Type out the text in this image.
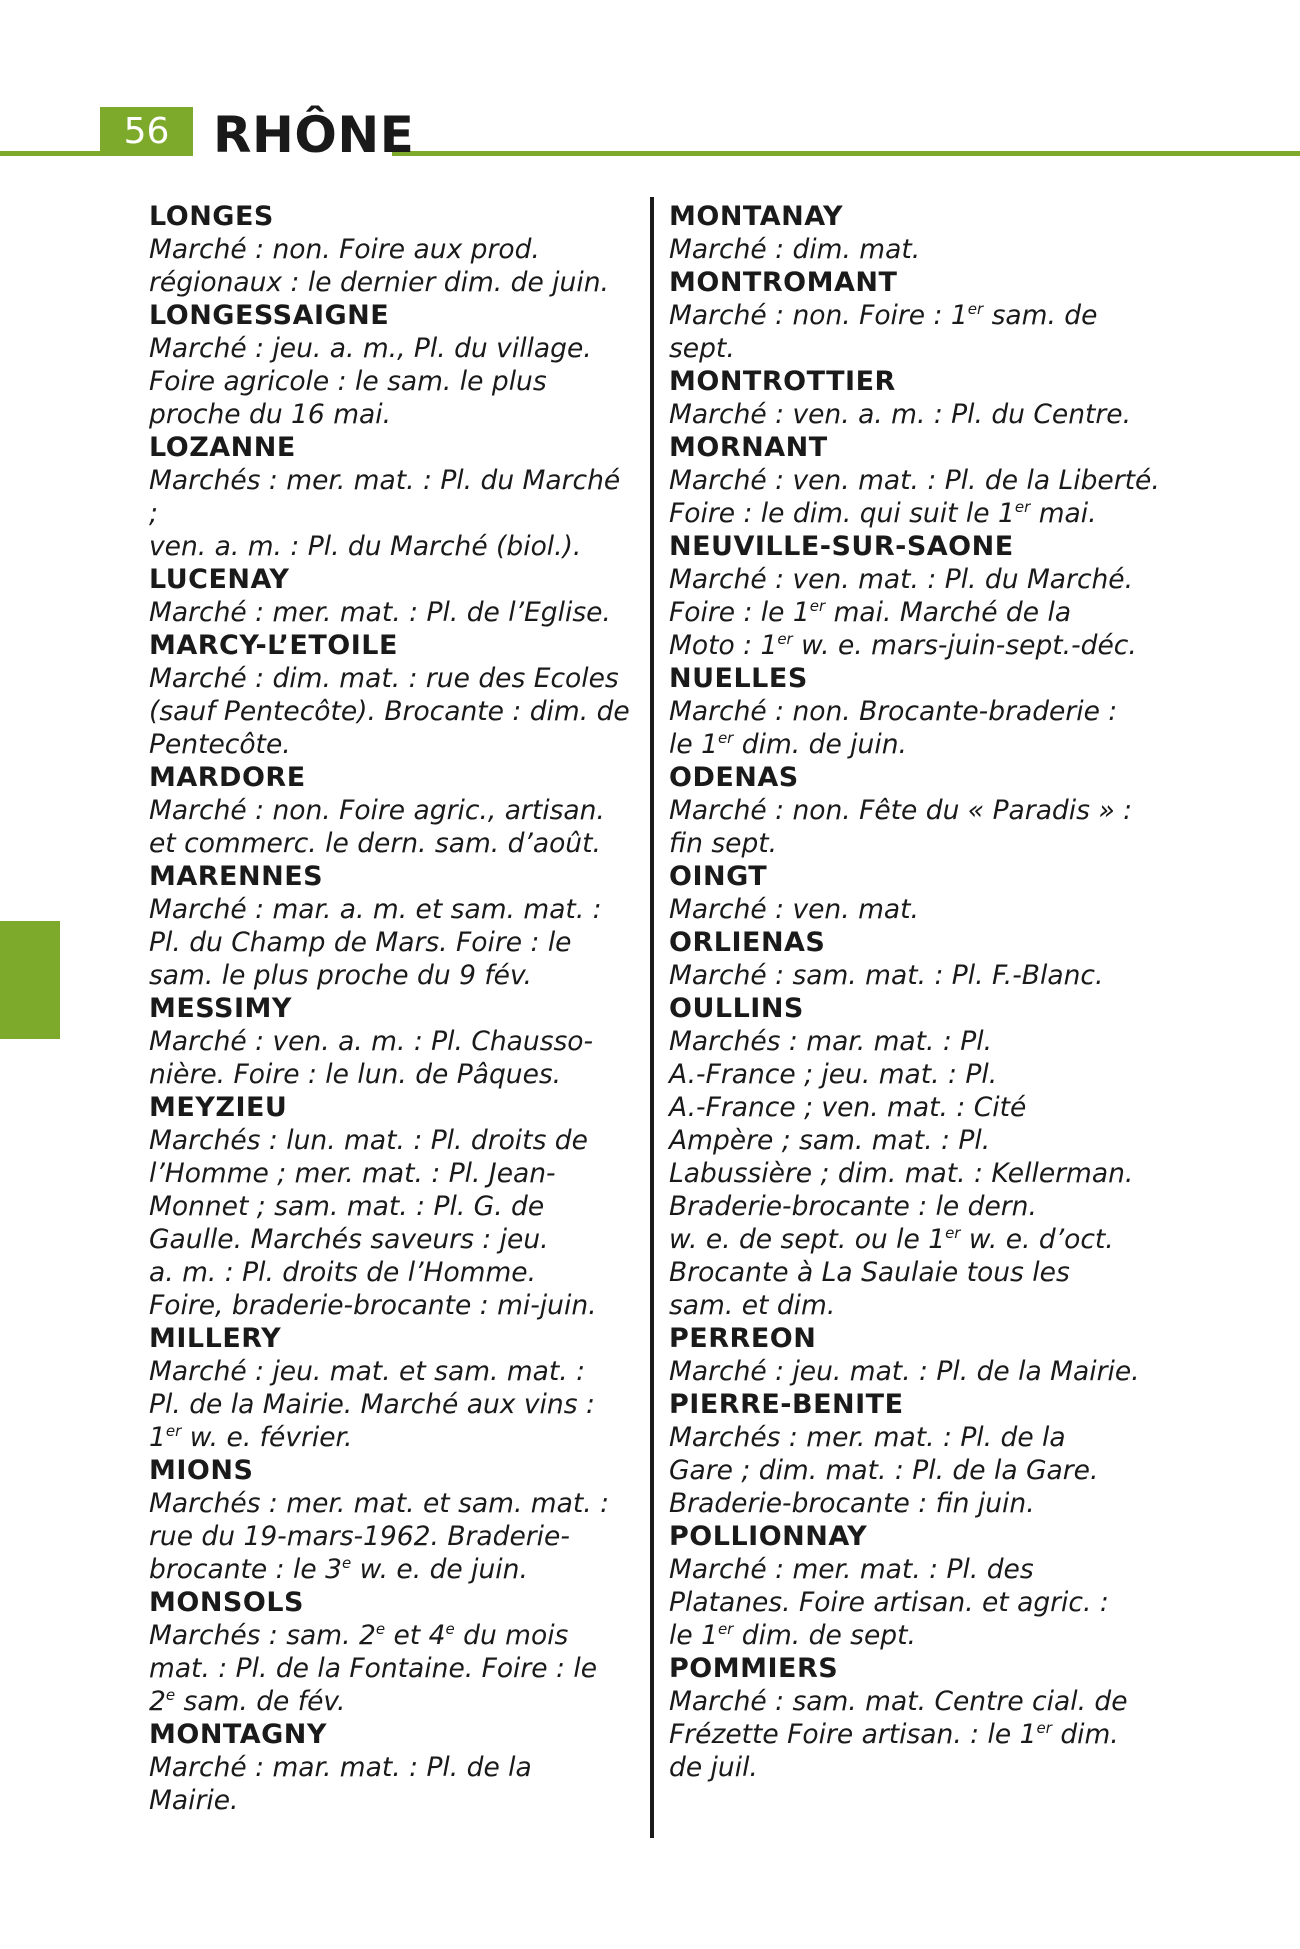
56 RHÔNE
LONGES

Marché : non. Foire aux prod.

régionaux : le dernier dim. de juin.

LONGESSAIGNE

Marché : jeu. a. m., Pl. du village.

Foire agricole : le sam. le plus

proche du 16 mai.

LOZANNE

Marchés : mer. mat. : Pl. du Marché ;

ven. a. m. : Pl. du Marché (biol.).

LUCENAY

Marché : mer. mat. : Pl. de l’Eglise.

MARCY-L’ETOILE

Marché : dim. mat. : rue des Ecoles

(sauf Pentecôte). Brocante : dim. de

Pentecôte.

MARDORE

Marché : non. Foire agric., artisan.

et commerc. le dern. sam. d’août.

MARENNES

Marché : mar. a. m. et sam. mat. :

Pl. du Champ de Mars. Foire : le

sam. le plus proche du 9 fév.

MESSIMY

Marché : ven. a. m. : Pl. Chausso-

nière. Foire : le lun. de Pâques.

MEYZIEU

Marchés : lun. mat. : Pl. droits de

l’Homme ; mer. mat. : Pl. Jean-

Monnet ; sam. mat. : Pl. G. de

Gaulle. Marchés saveurs : jeu.

a. m. : Pl. droits de l’Homme.

Foire, braderie-brocante : mi-juin.

MILLERY

Marché : jeu. mat. et sam. mat. :

Pl. de la Mairie. Marché aux vins :

1er w. e. février.

MIONS

Marchés : mer. mat. et sam. mat. :

rue du 19-mars-1962. Braderie-

brocante : le 3e w. e. de juin.

MONSOLS

Marchés : sam. 2e et 4e du mois

mat. : Pl. de la Fontaine. Foire : le

2e sam. de fév.

MONTAGNY

Marché : mar. mat. : Pl. de la

Mairie.

MONTANAY

Marché : dim. mat.

MONTROMANT

Marché : non. Foire : 1er sam. de sept.

MONTROTTIER

Marché : ven. a. m. : Pl. du Centre.

MORNANT

Marché : ven. mat. : Pl. de la Liberté.

Foire : le dim. qui suit le 1er mai.

NEUVILLE-SUR-SAONE

Marché : ven. mat. : Pl. du Marché.

Foire : le 1er mai. Marché de la

Moto : 1er w. e. mars-juin-sept.-déc.

NUELLES

Marché : non. Brocante-braderie :

le 1er dim. de juin.

ODENAS

Marché : non. Fête du « Paradis » :

fin sept.

OINGT

Marché : ven. mat.

ORLIENAS

Marché : sam. mat. : Pl. F.-Blanc.

OULLINS

Marchés : mar. mat. : Pl.

A.-France ; jeu. mat. : Pl.

A.-France ; ven. mat. : Cité

Ampère ; sam. mat. : Pl.

Labussière ; dim. mat. : Kellerman.

Braderie-brocante : le dern.

w. e. de sept. ou le 1er w. e. d’oct.

Brocante à La Saulaie tous les

sam. et dim.

PERREON

Marché : jeu. mat. : Pl. de la Mairie.

PIERRE-BENITE

Marchés : mer. mat. : Pl. de la

Gare ; dim. mat. : Pl. de la Gare.

Braderie-brocante : fin juin.

POLLIONNAY

Marché : mer. mat. : Pl. des

Platanes. Foire artisan. et agric. :

le 1er dim. de sept.

POMMIERS

Marché : sam. mat. Centre cial. de

Frézette Foire artisan. : le 1er dim.

de juil.
